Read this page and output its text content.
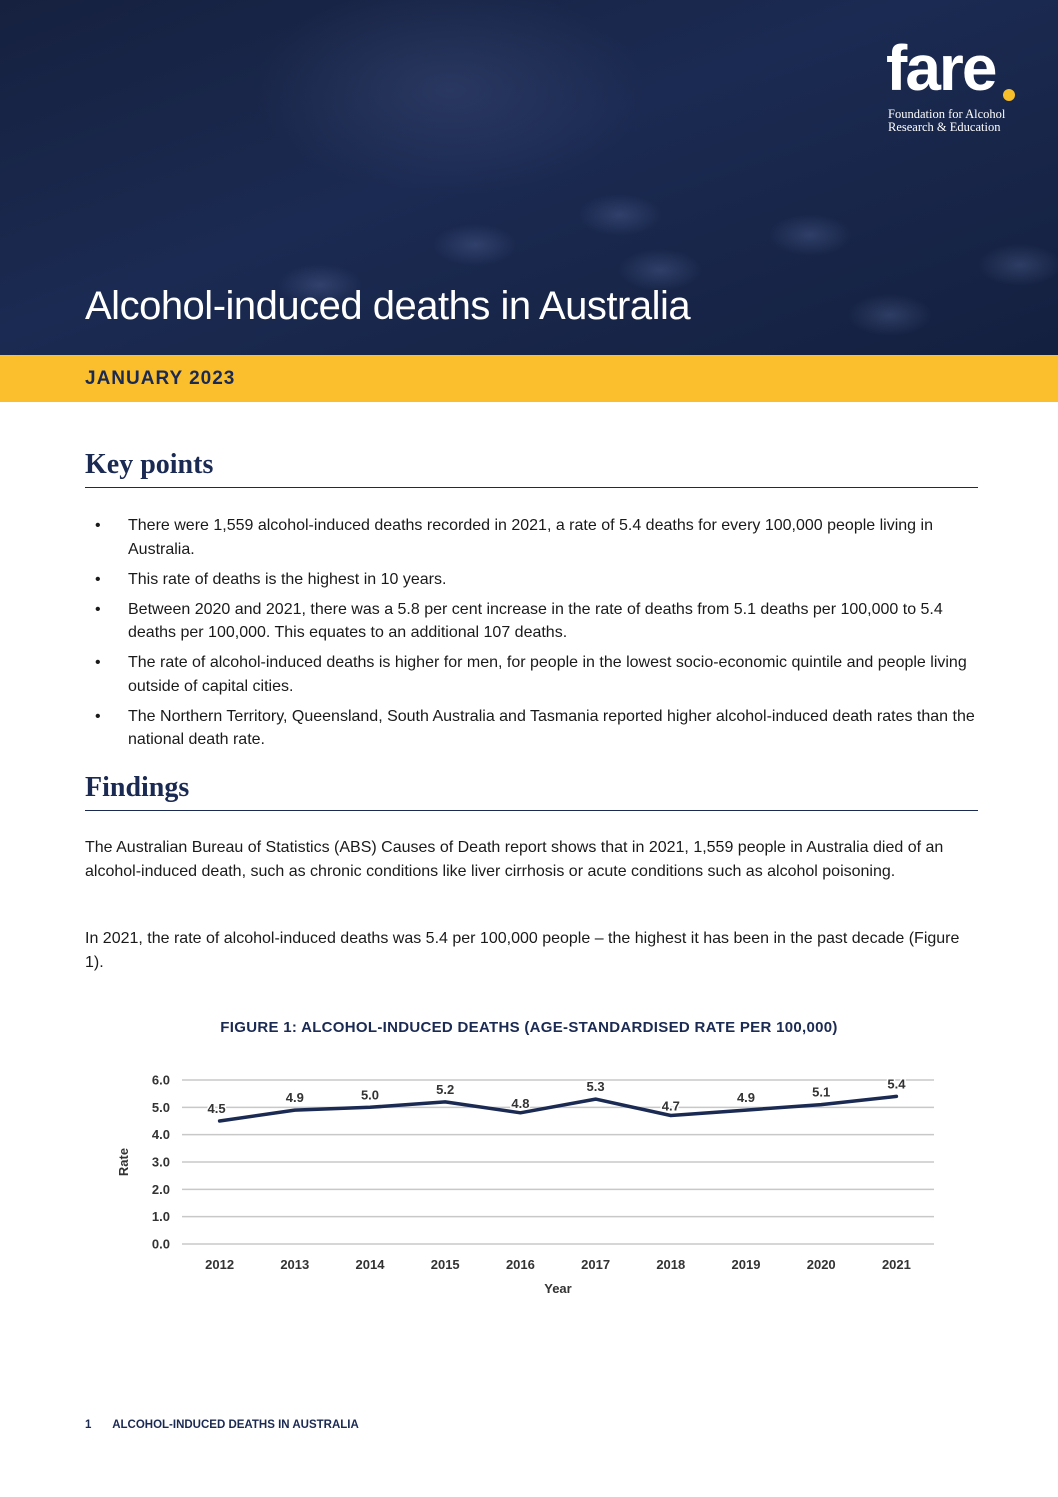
fare
Foundation for Alcohol
Research & Education
Alcohol-induced deaths in Australia
JANUARY 2023
Key points
• There were 1,559 alcohol-induced deaths recorded in 2021, a rate of 5.4 deaths for every 100,000 people living in Australia.
• This rate of deaths is the highest in 10 years.
• Between 2020 and 2021, there was a 5.8 per cent increase in the rate of deaths from 5.1 deaths per 100,000 to 5.4 deaths per 100,000. This equates to an additional 107 deaths.
• The rate of alcohol-induced deaths is higher for men, for people in the lowest socio-economic quintile and people living outside of capital cities.
• The Northern Territory, Queensland, South Australia and Tasmania reported higher alcohol-induced death rates than the national death rate.
Findings

The Australian Bureau of Statistics (ABS) Causes of Death report shows that in 2021, 1,559 people in Australia died of an alcohol-induced death, such as chronic conditions like liver cirrhosis or acute conditions such as alcohol poisoning.

In 2021, the rate of alcohol-induced deaths was 5.4 per 100,000 people – the highest it has been in the past decade (Figure 1).

FIGURE 1: ALCOHOL-INDUCED DEATHS (AGE-STANDARDISED RATE PER 100,000)
0.0
1.0
2.0
3.0
4.0
5.0
6.0
2012	2013	2014	2015	2016	2017	2018	2019	2020	2021
4.5
4.9	5.0	5.2
4.8
5.3
4.7
4.9	5.1
5.4
Year
Rate
1 ALCOHOL-INDUCED DEATHS IN AUSTRALIA
